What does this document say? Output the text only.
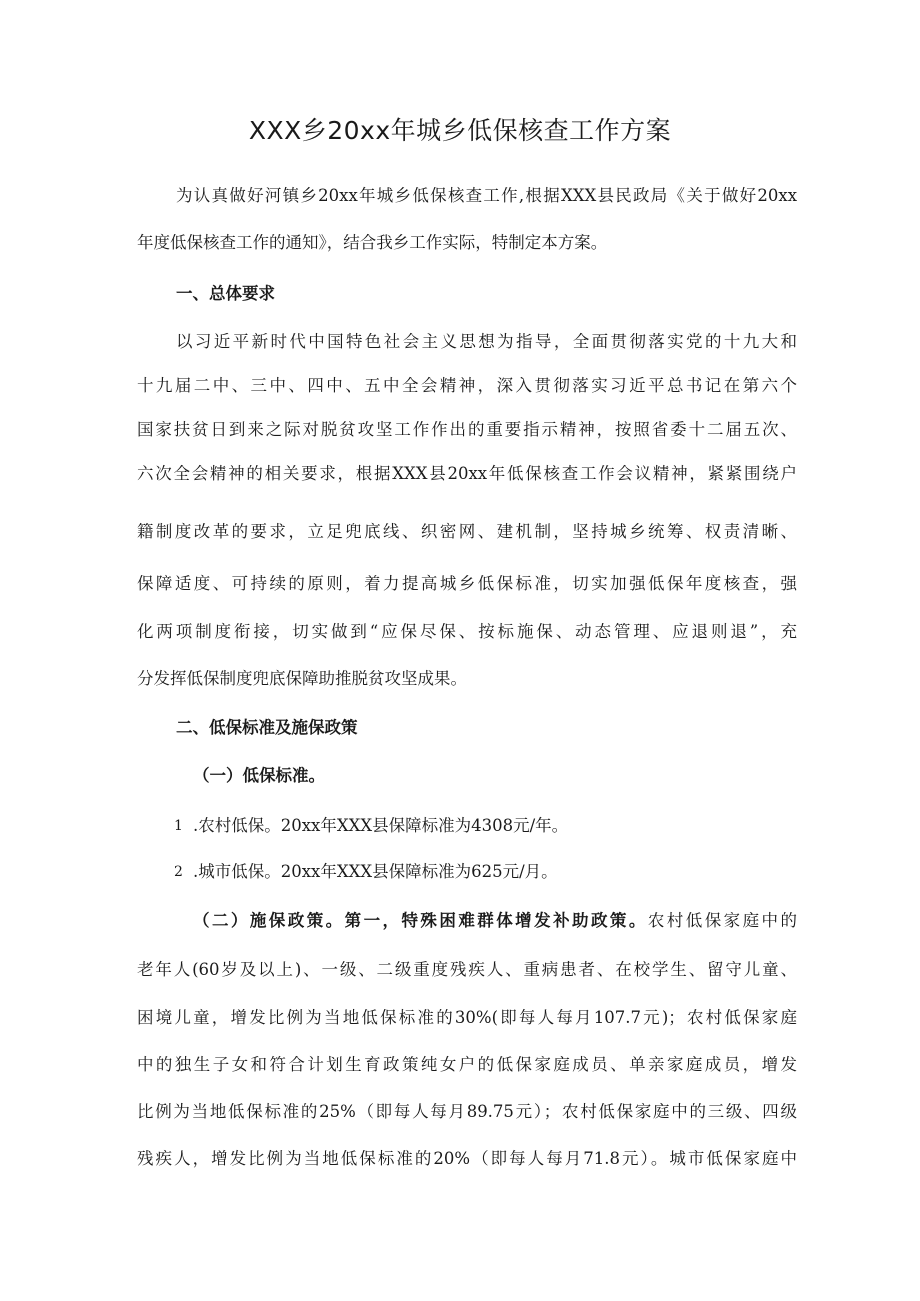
XXX乡20xx年城乡低保核查工作方案
为认真做好河镇乡20xx年城乡低保核查工作,根据XXX县民政局《关于做好20xx
年度低保核查工作的通知》，结合我乡工作实际，特制定本方案。
一、总体要求
以习近平新时代中国特色社会主义思想为指导，全面贯彻落实党的十九大和
十九届二中、三中、四中、五中全会精神，深入贯彻落实习近平总书记在第六个
国家扶贫日到来之际对脱贫攻坚工作作出的重要指示精神，按照省委十二届五次、
六次全会精神的相关要求，根据XXX县20xx年低保核查工作会议精神，紧紧围绕户
籍制度改革的要求，立足兜底线、织密网、建机制，坚持城乡统筹、权责清晰、
保障适度、可持续的原则，着力提高城乡低保标准，切实加强低保年度核查，强
化两项制度衔接，切实做到“应保尽保、按标施保、动态管理、应退则退”，充
分发挥低保制度兜底保障助推脱贫攻坚成果。
二、低保标准及施保政策
（一）低保标准。
1 .农村低保。20xx年XXX县保障标准为4308元/年。
2 .城市低保。20xx年XXX县保障标准为625元/月。
（二）施保政策。第一，特殊困难群体增发补助政策。农村低保家庭中的
老年人(60岁及以上)、一级、二级重度残疾人、重病患者、在校学生、留守儿童、
困境儿童，增发比例为当地低保标准的30%(即每人每月107.7元)；农村低保家庭
中的独生子女和符合计划生育政策纯女户的低保家庭成员、单亲家庭成员，增发
比例为当地低保标准的25%（即每人每月89.75元）；农村低保家庭中的三级、四级
残疾人，增发比例为当地低保标准的20%（即每人每月71.8元）。城市低保家庭中
